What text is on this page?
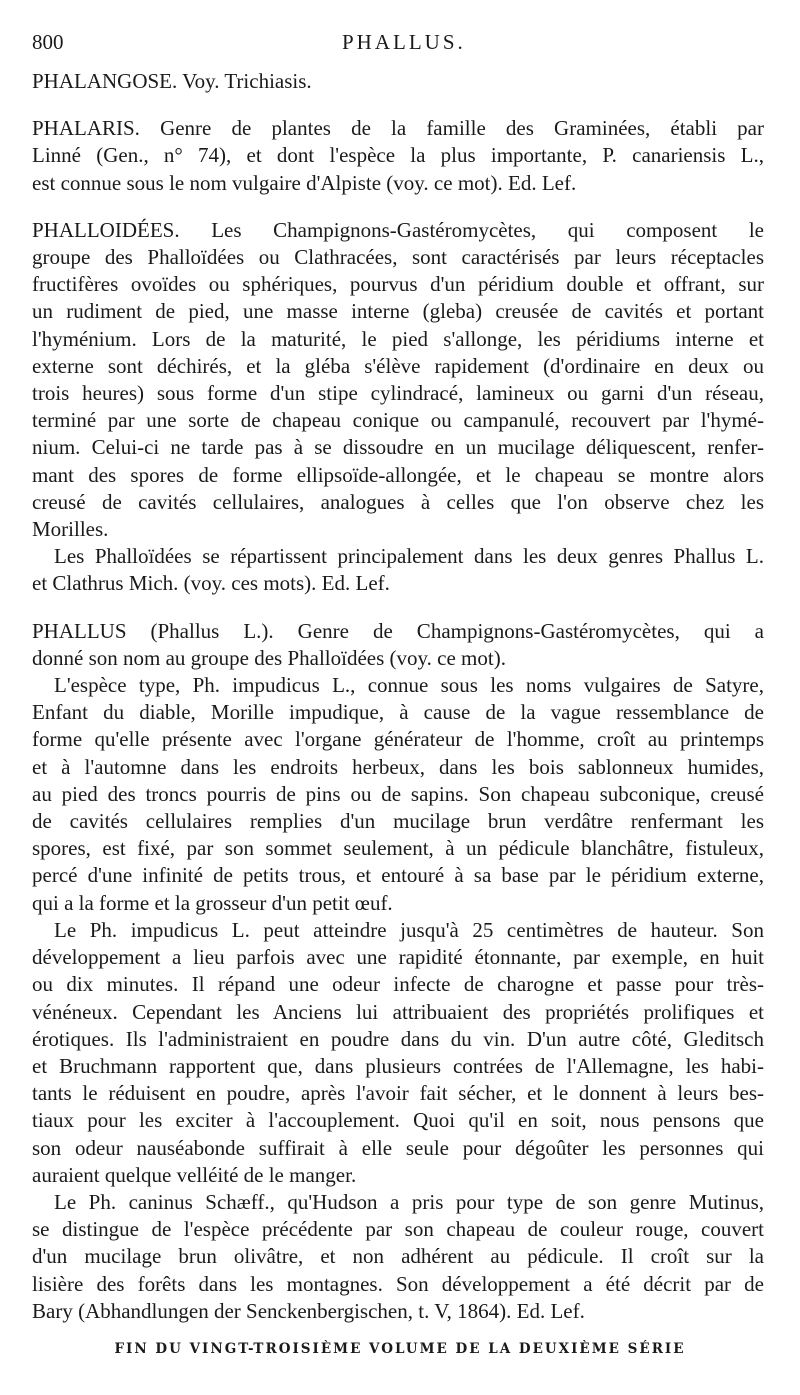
800	PHALLUS.
PHALANGOSE. Voy. Trichiasis.
PHALARIS. Genre de plantes de la famille des Graminées, établi par
Linné (Gen., n° 74), et dont l'espèce la plus importante, P. canariensis L.,
est connue sous le nom vulgaire d'Alpiste (voy. ce mot). Ed. Lef.
PHALLOIDÉES. Les Champignons-Gastéromycètes, qui composent le
groupe des Phalloïdées ou Clathracées, sont caractérisés par leurs réceptacles
fructifères ovoïdes ou sphériques, pourvus d'un péridium double et offrant, sur
un rudiment de pied, une masse interne (gleba) creusée de cavités et portant
l'hyménium. Lors de la maturité, le pied s'allonge, les péridiums interne et
externe sont déchirés, et la gléba s'élève rapidement (d'ordinaire en deux ou
trois heures) sous forme d'un stipe cylindracé, lamineux ou garni d'un réseau,
terminé par une sorte de chapeau conique ou campanulé, recouvert par l'hymé-
nium. Celui-ci ne tarde pas à se dissoudre en un mucilage déliquescent, renfer-
mant des spores de forme ellipsoïde-allongée, et le chapeau se montre alors
creusé de cavités cellulaires, analogues à celles que l'on observe chez les
Morilles.
Les Phalloïdées se répartissent principalement dans les deux genres Phallus L.
et Clathrus Mich. (voy. ces mots). Ed. Lef.
PHALLUS (Phallus L.). Genre de Champignons-Gastéromycètes, qui a
donné son nom au groupe des Phalloïdées (voy. ce mot).
L'espèce type, Ph. impudicus L., connue sous les noms vulgaires de Satyre,
Enfant du diable, Morille impudique, à cause de la vague ressemblance de
forme qu'elle présente avec l'organe générateur de l'homme, croît au printemps
et à l'automne dans les endroits herbeux, dans les bois sablonneux humides,
au pied des troncs pourris de pins ou de sapins. Son chapeau subconique, creusé
de cavités cellulaires remplies d'un mucilage brun verdâtre renfermant les
spores, est fixé, par son sommet seulement, à un pédicule blanchâtre, fistuleux,
percé d'une infinité de petits trous, et entouré à sa base par le péridium externe,
qui a la forme et la grosseur d'un petit œuf.
Le Ph. impudicus L. peut atteindre jusqu'à 25 centimètres de hauteur. Son
développement a lieu parfois avec une rapidité étonnante, par exemple, en huit
ou dix minutes. Il répand une odeur infecte de charogne et passe pour très-
vénéneux. Cependant les Anciens lui attribuaient des propriétés prolifiques et
érotiques. Ils l'administraient en poudre dans du vin. D'un autre côté, Gleditsch
et Bruchmann rapportent que, dans plusieurs contrées de l'Allemagne, les habi-
tants le réduisent en poudre, après l'avoir fait sécher, et le donnent à leurs bes-
tiaux pour les exciter à l'accouplement. Quoi qu'il en soit, nous pensons que
son odeur nauséabonde suffirait à elle seule pour dégoûter les personnes qui
auraient quelque velléité de le manger.
Le Ph. caninus Schæff., qu'Hudson a pris pour type de son genre Mutinus,
se distingue de l'espèce précédente par son chapeau de couleur rouge, couvert
d'un mucilage brun olivâtre, et non adhérent au pédicule. Il croît sur la
lisière des forêts dans les montagnes. Son développement a été décrit par de
Bary (Abhandlungen der Senckenbergischen, t. V, 1864). Ed. Lef.
FIN DU VINGT-TROISIÈME VOLUME DE LA DEUXIÈME SÉRIE
